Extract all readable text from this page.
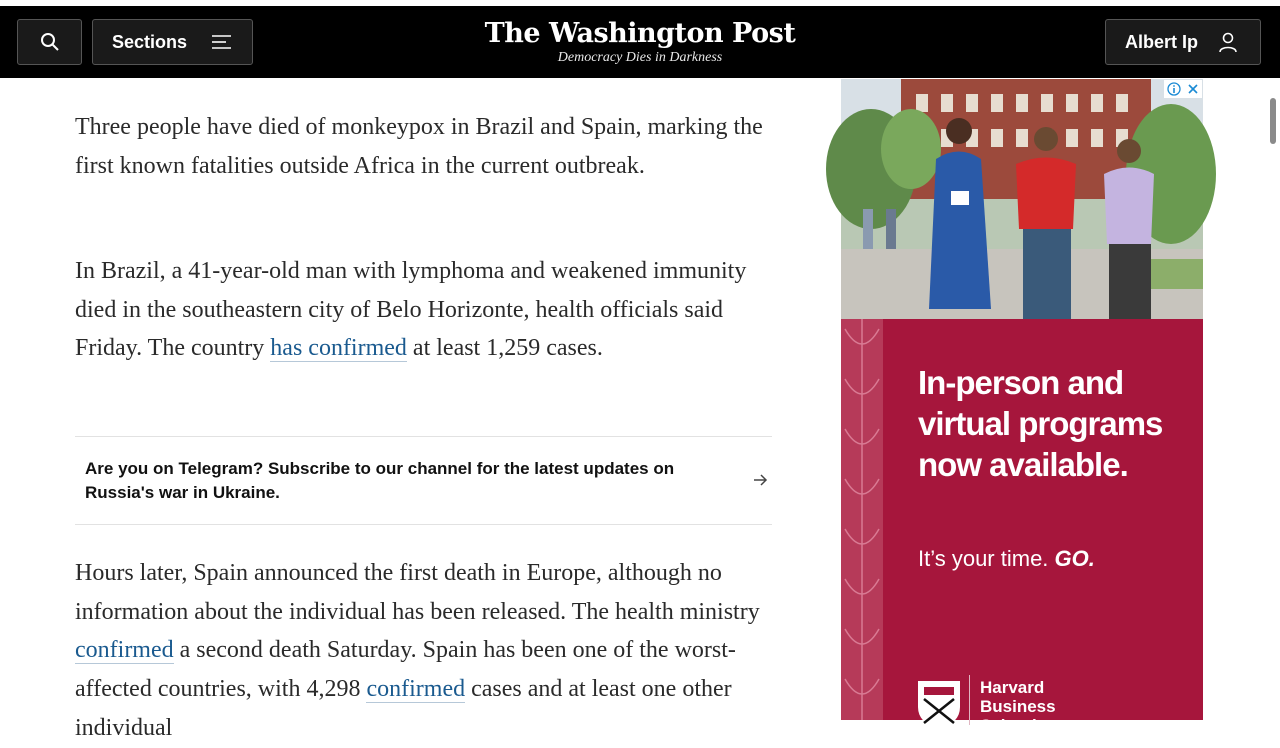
Sections	The Washington Post
Democracy Dies in Darkness
Albert Ip

Three people have died of monkeypox in Brazil and Spain, marking the first known fatalities outside Africa in the current outbreak.

In Brazil, a 41-year-old man with lymphoma and weakened immunity died in the southeastern city of Belo Horizonte, health officials said Friday. The country has confirmed at least 1,259 cases.

Are you on Telegram? Subscribe to our channel for the latest updates on Russia's war in Ukraine.

Hours later, Spain announced the first death in Europe, although no information about the individual has been released. The health ministry confirmed a second death Saturday. Spain has been one of the worst-affected countries, with 4,298 confirmed cases and at least one other individual

In-person and virtual programs now available.
It’s your time. GO.
Harvard
Business
School
